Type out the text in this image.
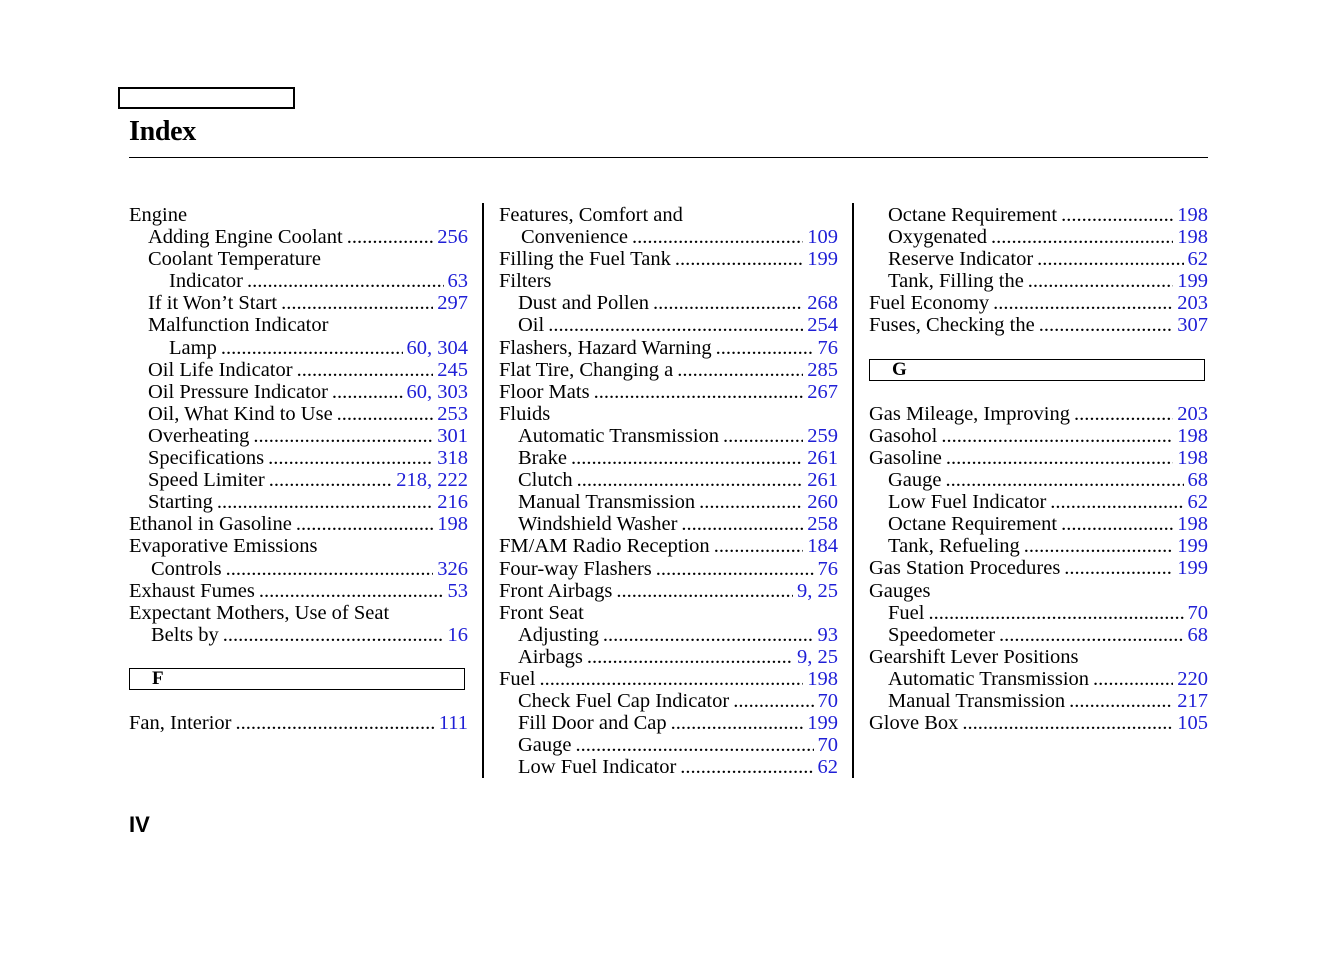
Index
Engine
Adding Engine Coolant .....	256
Coolant Temperature
Indicator .....	63
If it Won’t Start .....	297
Malfunction Indicator
Lamp .....	60, 304
Oil Life Indicator .....	245
Oil Pressure Indicator .....	60, 303
Oil, What Kind to Use .....	253
Overheating .....	301
Specifications .....	318
Speed Limiter .....	218, 222
Starting .....	216
Ethanol in Gasoline .....	198
Evaporative Emissions
Controls .....	326
Exhaust Fumes .....	53
Expectant Mothers, Use of Seat
Belts by .....	16
F
Fan, Interior .....	111
Features, Comfort and
Convenience .....	109
Filling the Fuel Tank .....	199
Filters
Dust and Pollen .....	268
Oil .....	254
Flashers, Hazard Warning .....	76
Flat Tire, Changing a .....	285
Floor Mats .....	267
Fluids
Automatic Transmission .....	259
Brake .....	261
Clutch .....	261
Manual Transmission .....	260
Windshield Washer .....	258
FM/AM Radio Reception .....	184
Four-way Flashers .....	76
Front Airbags .....	9, 25
Front Seat
Adjusting .....	93
Airbags .....	9, 25
Fuel .....	198
Check Fuel Cap Indicator .....	70
Fill Door and Cap .....	199
Gauge .....	70
Low Fuel Indicator .....	62
Octane Requirement .....	198
Oxygenated .....	198
Reserve Indicator .....	62
Tank, Filling the .....	199
Fuel Economy .....	203
Fuses, Checking the .....	307
G
Gas Mileage, Improving .....	203
Gasohol .....	198
Gasoline .....	198
Gauge .....	68
Low Fuel Indicator .....	62
Octane Requirement .....	198
Tank, Refueling .....	199
Gas Station Procedures .....	199
Gauges
Fuel .....	70
Speedometer .....	68
Gearshift Lever Positions
Automatic Transmission .....	220
Manual Transmission .....	217
Glove Box .....	105
IV
